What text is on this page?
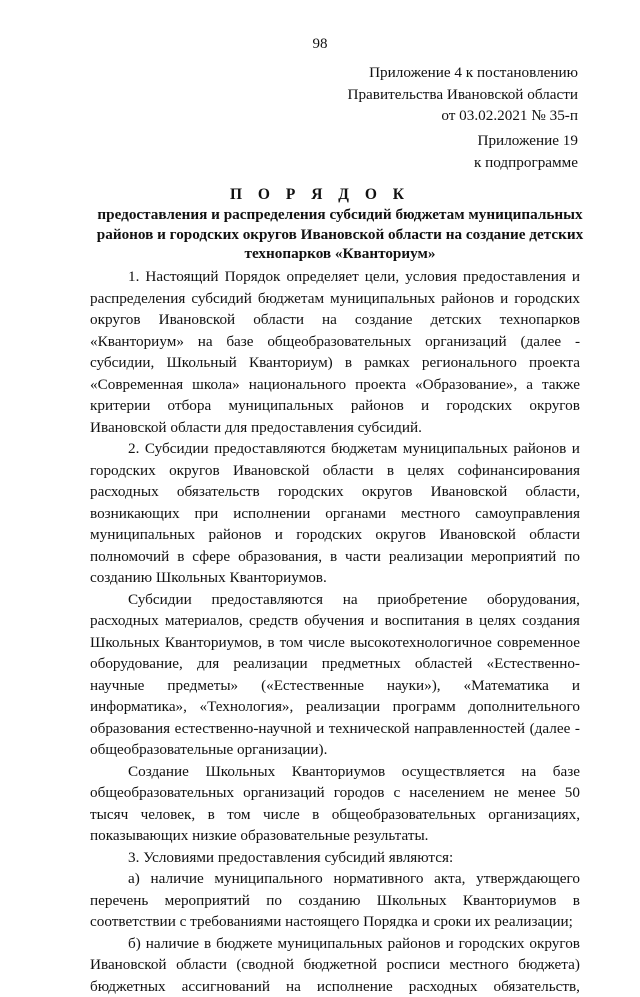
98
Приложение 4 к постановлению
Правительства Ивановской области
от 03.02.2021 № 35-п
Приложение 19
к подпрограмме
П О Р Я Д О К
предоставления и распределения субсидий бюджетам муниципальных
районов и городских округов Ивановской области на создание детских
технопарков «Кванториум»
1. Настоящий Порядок определяет цели, условия предоставления и
распределения субсидий бюджетам муниципальных районов и городских
округов Ивановской области на создание детских технопарков
«Кванториум» на базе общеобразовательных организаций (далее -
субсидии, Школьный Кванториум) в рамках регионального проекта
«Современная школа» национального проекта «Образование», а также
критерии отбора муниципальных районов и городских округов
Ивановской области для предоставления субсидий.
2. Субсидии предоставляются бюджетам муниципальных районов и
городских округов Ивановской области в целях софинансирования
расходных обязательств городских округов Ивановской области,
возникающих при исполнении органами местного самоуправления
муниципальных районов и городских округов Ивановской области
полномочий в сфере образования, в части реализации мероприятий по
созданию Школьных Кванториумов.
Субсидии предоставляются на приобретение оборудования,
расходных материалов, средств обучения и воспитания в целях создания
Школьных Кванториумов, в том числе высокотехнологичное современное
оборудование, для реализации предметных областей «Естественно-
научные предметы» («Естественные науки»), «Математика и
информатика», «Технология», реализации программ дополнительного
образования естественно-научной и технической направленностей (далее -
общеобразовательные организации).
Создание Школьных Кванториумов осуществляется на базе
общеобразовательных организаций городов с населением не менее 50
тысяч человек, в том числе в общеобразовательных организациях,
показывающих низкие образовательные результаты.
3. Условиями предоставления субсидий являются:
а) наличие муниципального нормативного акта, утверждающего
перечень мероприятий по созданию Школьных Кванториумов в
соответствии с требованиями настоящего Порядка и сроки их реализации;
б) наличие в бюджете муниципальных районов и городских округов
Ивановской области (сводной бюджетной росписи местного бюджета)
бюджетных ассигнований на исполнение расходных обязательств,
